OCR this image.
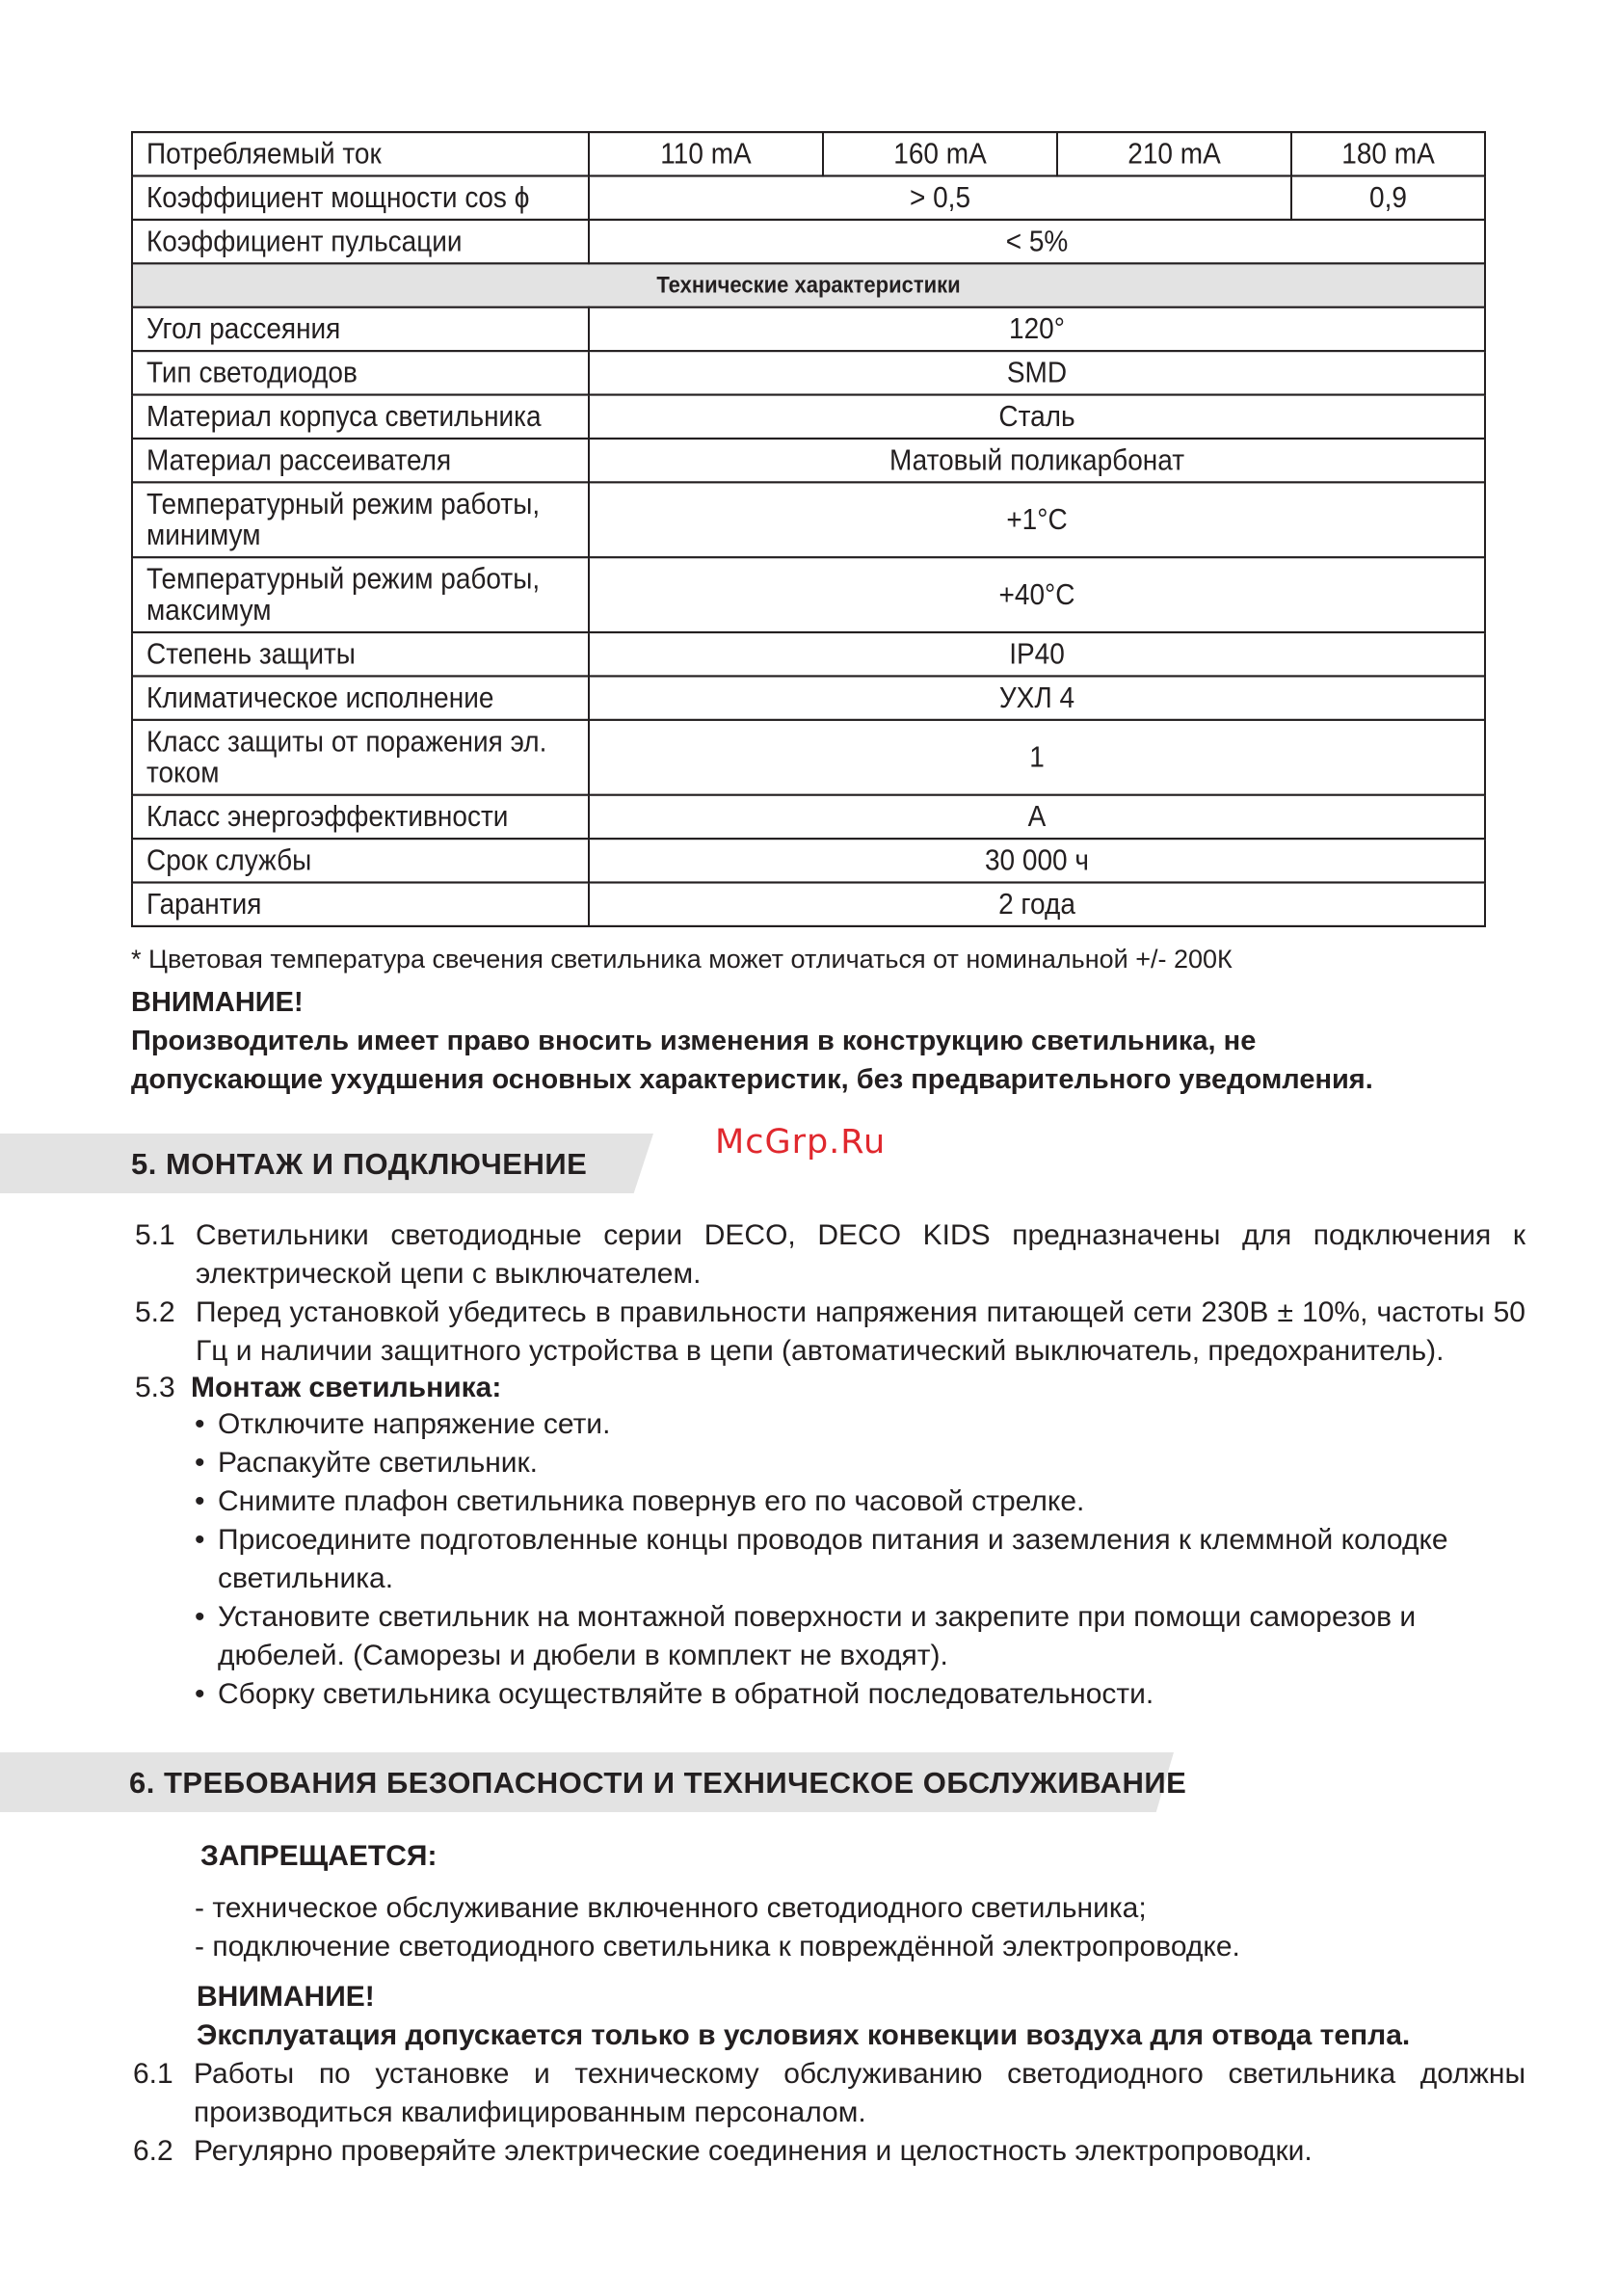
Потребляемый ток	110 mA	160 mA	210 mA	180 mA
Коэффициент мощности cos ϕ	> 0,5			0,9
Коэффициент пульсации	< 5%			
Технические характеристики				
Угол рассеяния	120°			
Тип светодиодов	SMD			
Материал корпуса светильника	Сталь			
Материал рассеивателя	Матовый поликарбонат			
Температурный режим работы, минимум	+1°C			
Температурный режим работы, максимум	+40°C			
Степень защиты	IP40			
Климатическое исполнение	УХЛ 4			
Класс защиты от поражения эл. током	1			
Класс энергоэффективности	A			
Срок службы	30 000 ч			
Гарантия	2 года			
* Цветовая температура свечения светильника может отличаться от номинальной +/- 200К
ВНИМАНИЕ!
Производитель имеет право вносить изменения в конструкцию светильника, не
допускающие ухудшения основных характеристик, без предварительного уведомления.
5. МОНТАЖ И ПОДКЛЮЧЕНИЕ
McGrp.Ru
5.1 Светильники светодиодные серии DECO, DECO KIDS предназначены для подключения к электрической цепи с выключателем.
5.2 Перед установкой убедитесь в правильности напряжения питающей сети 230В ± 10%, частоты 50 Гц и наличии защитного устройства в цепи (автоматический выключатель, предохранитель).
5.3 Монтаж светильника:
• Отключите напряжение сети.
• Распакуйте светильник.
• Снимите плафон светильника повернув его по часовой стрелке.
• Присоедините подготовленные концы проводов питания и заземления к клеммной колодке светильника.
• Установите светильник на монтажной поверхности и закрепите при помощи саморезов и дюбелей. (Саморезы и дюбели в комплект не входят).
• Сборку светильника осуществляйте в обратной последовательности.
6. ТРЕБОВАНИЯ БЕЗОПАСНОСТИ И ТЕХНИЧЕСКОЕ ОБСЛУЖИВАНИЕ
ЗАПРЕЩАЕТСЯ:
- техническое обслуживание включенного светодиодного светильника;
- подключение светодиодного светильника к повреждённой электропроводке.
ВНИМАНИЕ!
Эксплуатация допускается только в условиях конвекции воздуха для отвода тепла.
6.1 Работы по установке и техническому обслуживанию светодиодного светильника должны производиться квалифицированным персоналом.
6.2 Регулярно проверяйте электрические соединения и целостность электропроводки.
